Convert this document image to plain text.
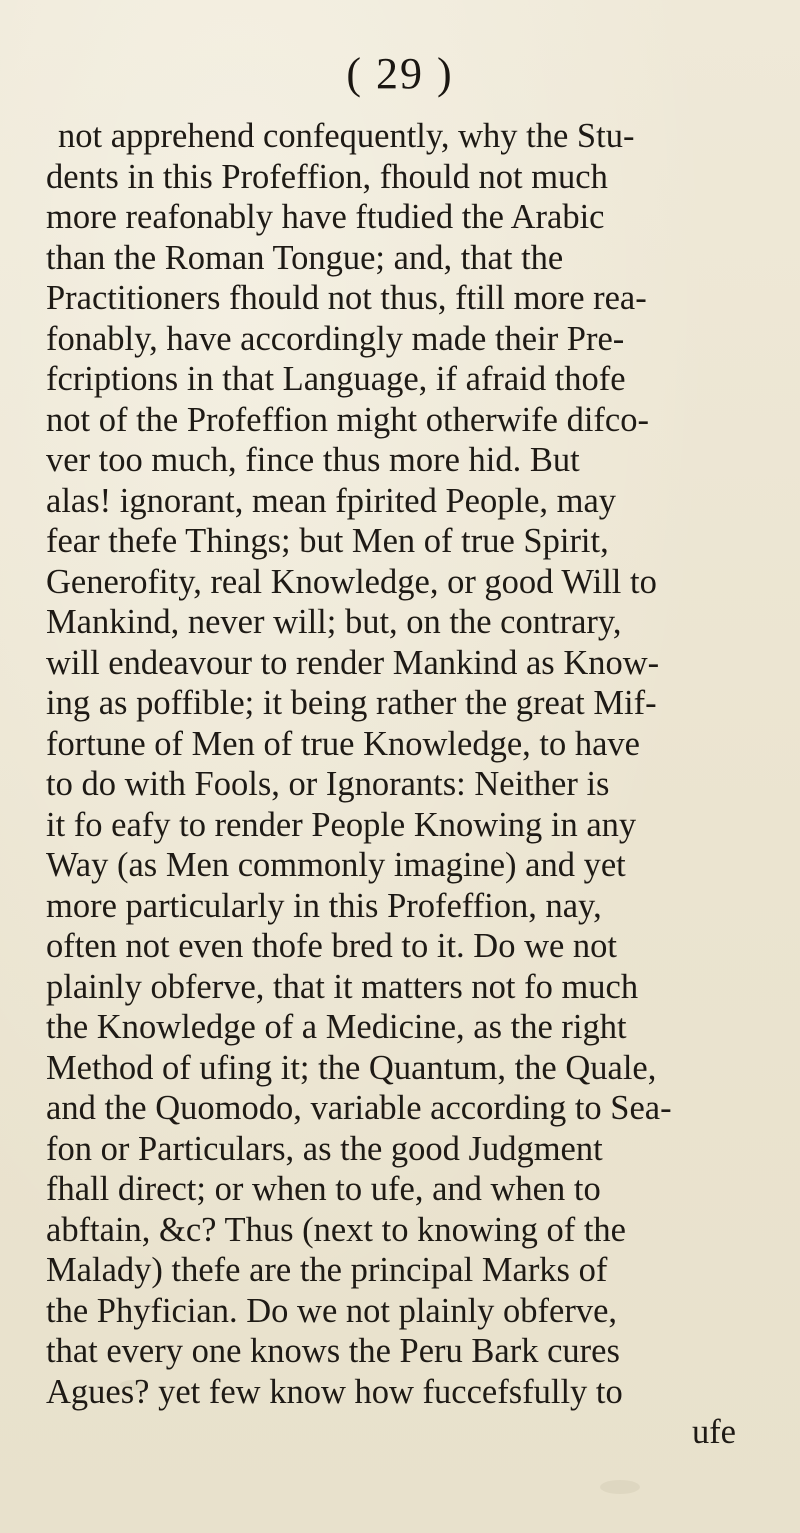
( 29 )
not apprehend confequently, why the Stu-
dents in this Profeffion, fhould not much
more reafonably have ftudied the Arabic
than the Roman Tongue; and, that the
Practitioners fhould not thus, ftill more rea-
fonably, have accordingly made their Pre-
fcriptions in that Language, if afraid thofe
not of the Profeffion might otherwife difco-
ver too much, fince thus more hid. But
alas! ignorant, mean fpirited People, may
fear thefe Things; but Men of true Spirit,
Generofity, real Knowledge, or good Will to
Mankind, never will; but, on the contrary,
will endeavour to render Mankind as Know-
ing as poffible; it being rather the great Mif-
fortune of Men of true Knowledge, to have
to do with Fools, or Ignorants: Neither is
it fo eafy to render People Knowing in any
Way (as Men commonly imagine) and yet
more particularly in this Profeffion, nay,
often not even thofe bred to it. Do we not
plainly obferve, that it matters not fo much
the Knowledge of a Medicine, as the right
Method of ufing it; the Quantum, the Quale,
and the Quomodo, variable according to Sea-
fon or Particulars, as the good Judgment
fhall direct; or when to ufe, and when to
abftain, &c? Thus (next to knowing of the
Malady) thefe are the principal Marks of
the Phyfician. Do we not plainly obferve,
that every one knows the Peru Bark cures
Agues? yet few know how fuccefsfully to
ufe
